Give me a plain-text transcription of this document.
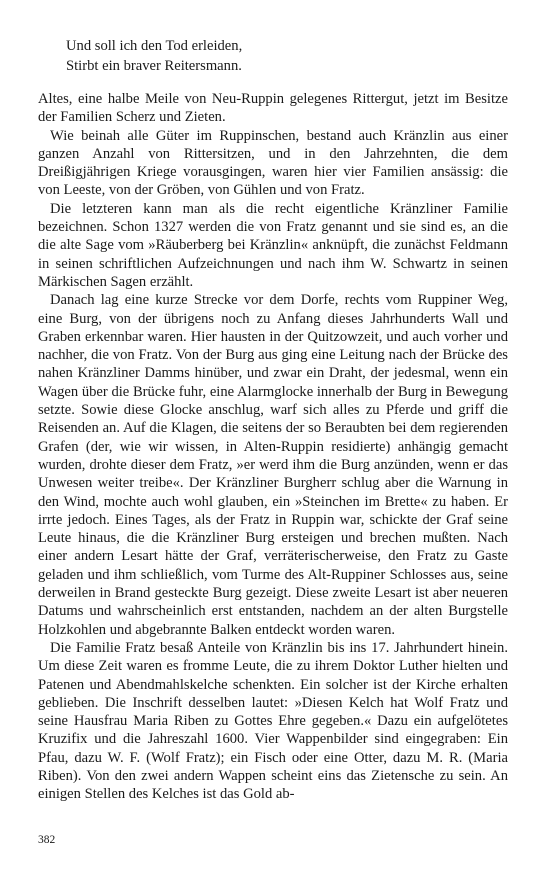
Und soll ich den Tod erleiden,
Stirbt ein braver Reitersmann.

Altes, eine halbe Meile von Neu-Ruppin gelegenes Rittergut, jetzt im Besitze der Familien Scherz und Zieten.

Wie beinah alle Güter im Ruppinschen, bestand auch Kränzlin aus einer ganzen Anzahl von Rittersitzen, und in den Jahrzehnten, die dem Dreißigjährigen Kriege vorausgingen, waren hier vier Familien ansässig: die von Leeste, von der Gröben, von Gühlen und von Fratz.

Die letzteren kann man als die recht eigentliche Kränzliner Familie bezeichnen. Schon 1327 werden die von Fratz genannt und sie sind es, an die die alte Sage vom »Räuberberg bei Kränzlin« anknüpft, die zunächst Feldmann in seinen schriftlichen Aufzeichnungen und nach ihm W. Schwartz in seinen Märkischen Sagen erzählt.

Danach lag eine kurze Strecke vor dem Dorfe, rechts vom Ruppiner Weg, eine Burg, von der übrigens noch zu Anfang dieses Jahrhunderts Wall und Graben erkennbar waren. Hier hausten in der Quitzowzeit, und auch vorher und nachher, die von Fratz. Von der Burg aus ging eine Leitung nach der Brücke des nahen Kränzliner Damms hinüber, und zwar ein Draht, der jedesmal, wenn ein Wagen über die Brücke fuhr, eine Alarmglocke innerhalb der Burg in Bewegung setzte. Sowie diese Glocke anschlug, warf sich alles zu Pferde und griff die Reisenden an. Auf die Klagen, die seitens der so Beraubten bei dem regierenden Grafen (der, wie wir wissen, in Alten-Ruppin residierte) anhängig gemacht wurden, drohte dieser dem Fratz, »er werd ihm die Burg anzünden, wenn er das Unwesen weiter treibe«. Der Kränzliner Burgherr schlug aber die Warnung in den Wind, mochte auch wohl glauben, ein »Steinchen im Brette« zu haben. Er irrte jedoch. Eines Tages, als der Fratz in Ruppin war, schickte der Graf seine Leute hinaus, die die Kränzliner Burg ersteigen und brechen mußten. Nach einer andern Lesart hätte der Graf, verräterischerweise, den Fratz zu Gaste geladen und ihm schließlich, vom Turme des Alt-Ruppiner Schlosses aus, seine derweilen in Brand gesteckte Burg gezeigt. Diese zweite Lesart ist aber neueren Datums und wahrscheinlich erst entstanden, nachdem an der alten Burgstelle Holzkohlen und abgebrannte Balken entdeckt worden waren.

Die Familie Fratz besaß Anteile von Kränzlin bis ins 17. Jahrhundert hinein. Um diese Zeit waren es fromme Leute, die zu ihrem Doktor Luther hielten und Patenen und Abendmahlskelche schenkten. Ein solcher ist der Kirche erhalten geblieben. Die Inschrift desselben lautet: »Diesen Kelch hat Wolf Fratz und seine Hausfrau Maria Riben zu Gottes Ehre gegeben.« Dazu ein aufgelötetes Kruzifix und die Jahreszahl 1600. Vier Wappenbilder sind eingegraben: Ein Pfau, dazu W. F. (Wolf Fratz); ein Fisch oder eine Otter, dazu M. R. (Maria Riben). Von den zwei andern Wappen scheint eins das Zietensche zu sein. An einigen Stellen des Kelches ist das Gold ab-

382
